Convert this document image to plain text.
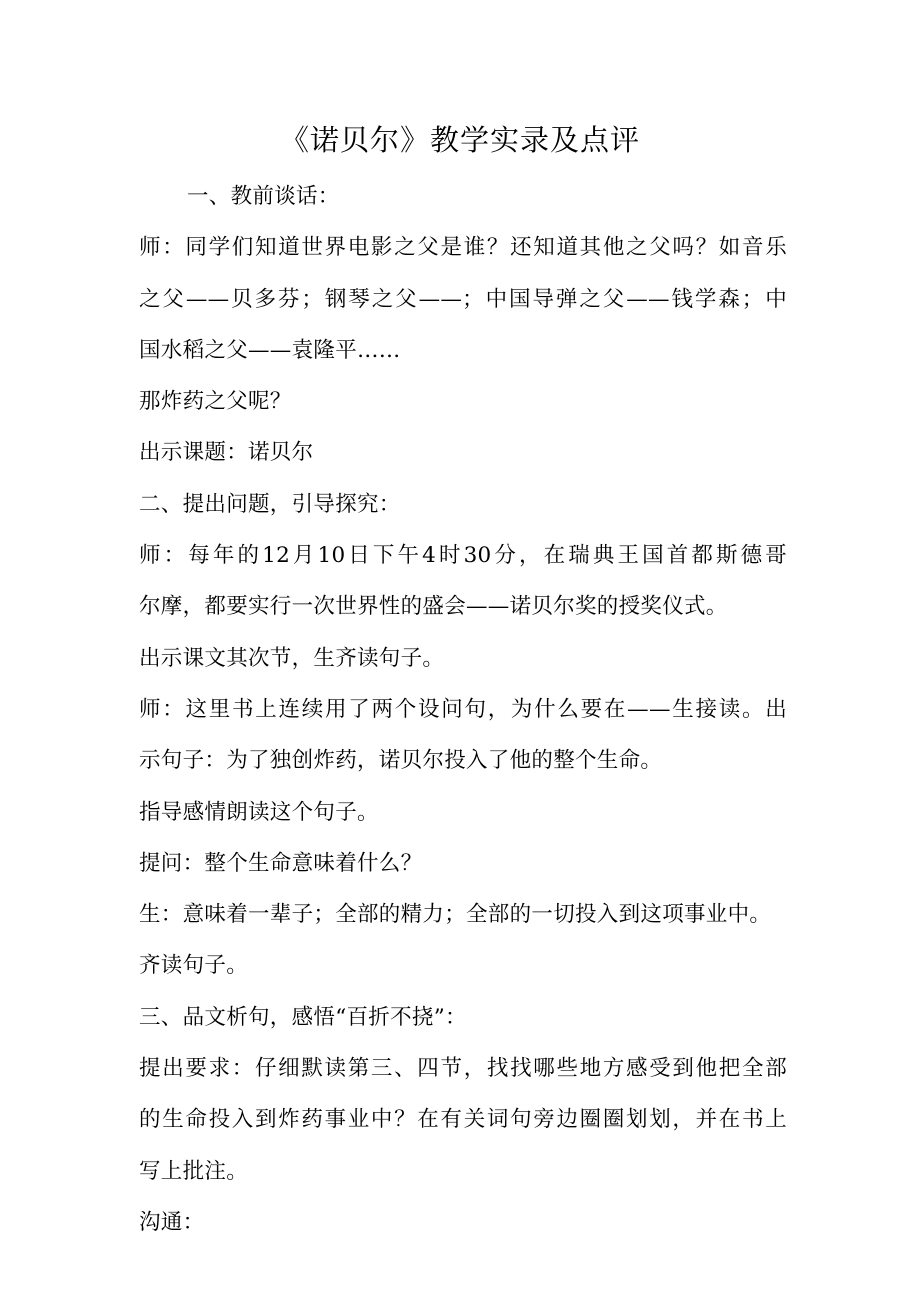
《诺贝尔》教学实录及点评
一、教前谈话：
师：同学们知道世界电影之父是谁？还知道其他之父吗？如音乐
之父——贝多芬；钢琴之父——；中国导弹之父——钱学森；中
国水稻之父——袁隆平……
那炸药之父呢？
出示课题：诺贝尔
二、提出问题，引导探究：
师：每年的12月10日下午4时30分，在瑞典王国首都斯德哥
尔摩，都要实行一次世界性的盛会——诺贝尔奖的授奖仪式。
出示课文其次节，生齐读句子。
师：这里书上连续用了两个设问句，为什么要在——生接读。出
示句子：为了独创炸药，诺贝尔投入了他的整个生命。
指导感情朗读这个句子。
提问：整个生命意味着什么？
生：意味着一辈子；全部的精力；全部的一切投入到这项事业中。
齐读句子。
三、品文析句，感悟“百折不挠”：
提出要求：仔细默读第三、四节，找找哪些地方感受到他把全部
的生命投入到炸药事业中？在有关词句旁边圈圈划划，并在书上
写上批注。
沟通：
